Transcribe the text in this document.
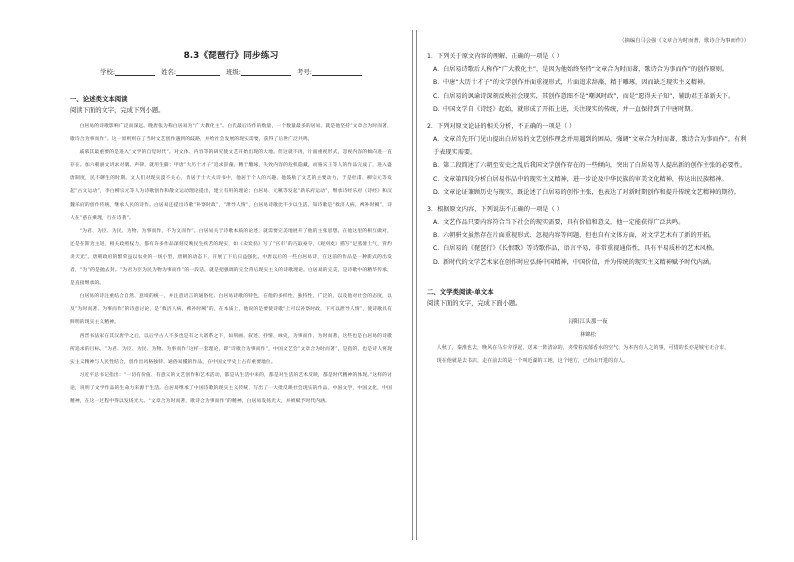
8.3《琵琶行》同步练习
学校:	姓名:	班级:	考号:
一、论述类文本阅读
阅读下面的文字，完成下列小题。

白居易的诗歌影响广泛而深远。晚唐张为称白居易为“广大教化主”。白氏最后诗作的数量，一个数量最多的居易。就是他坚持“文章合为时而著，歌诗合为事而作”。这一原则则在了当时文艺创作遇到的歧路，并给社会发展的现实需要，获得了后世广泛共鸣。

戚慕其最重要的是进入“文学的自觉时代”。对文体、内容等的研究使文艺开始出现的大地。但这就不再，片面重视形式，忽视内容的倾向进一直存在。加六朝骈文讲求对偶、声律，就用生僻；甲唐“大历十才子”追求辞藻，精于雕琢，失致内容的危机隐藏，而骆宾王等人的作品完成了，进入盛唐制度，民不聊生的时期。文人们对现实漠不关心，肯居于士大夫诗书中，他居于个人的兴趣，他鼓励了文艺的主要动力，于是杜甫、柳宗元等发起“古文运动”，李白柳宗元等人为诗歌创作和散文运动理论提出，建立有用的理论；白居易、元稹等发起“新乐府运动”，继承诗经乐府《诗经》和汉魏乐府的创作传统，继承人民的诗作。白居易还提出诗歌“补察时政”，“泄导人情”，白居易诗歌比不少以生活，知诗歌是“救济人病，裨补时阙”，诗人在“惑在乘理，行在诗著”。

“为君、为臣、为民、为物、为事而作，不为文而作”。白居易关于诗歌本质的论述，就需要完美地展开了他的主张思想。在他这里的相互做对，还是在斯为主进，相关政照权力，都有许多作品深刻反映民生疾苦的现实，如《卖炭翁》写了“宫市”的巧取豪夺，《观刈麦》描写“足蒸暑土气，背灼炎天光”。唐朝政府的繁荣虽以农业的一场小型，唐朝的动态下，开展了下后日益强化。中唐以后的一些白居易诗，在这前的作品是一种新式的出发者，“为”的是抛去封。“为君为臣为民为物为事而作”的一段话，就是把强调的完全背后现实主义的诗歌理论。白居易的完美，是诗歌中的精华传承，是直接继承的。

白居易的诗注重结合自然、意境的统一，并注意语言的通俗化。白居易诗歌的特色，在他的多样性、独特性，广泛的，以及他对社会的态度，以及“为时而著、为事而作”的诗意讨论，是“救济人病，裨补时阙”的，在本质上，他说的是要使诗歌“上可以补察时政，下可以泄导人情”，使诗歌具有鲜明的现实主义精神。

西晋书法家在其汉唐学之后，以后学古人不多也是有之大谱系之下，如刻画、叙述、抒情、咏史，为事而作、为时而著，这些也是白居易的诗歌所追求的目标。“为君、为臣、为民、为物、为事而作”这样一套理论，即“诗歌合为事而作”，中国文艺会“文章合为时而著”，是指的，也是诗人将现实主义精神与人民性结合，创作出风格独特、通俗易懂的作品，在中国文学史上占有重要地位。

习近平总书记指出：“一切有价值、有意义的文艺创作和艺术活动，都是从生活中来的，都是对生活的艺术反映，都是时代精神的体现。”这样的讨论，说明了文学作品的生命力来源于生活。白居易继承了中国诗歌的现实主义传统，写出了一大批反映社会现实的作品。中国文学，中国文化，中国精神，在这一过程中得以发扬光大。“文章合为时而著，歌诗合为事而作”的精神，白居易发扬光大，并被赋予时代内涵。

（摘编自马会强《文章合为时而著，歌诗合为事而作》）
1．下列关于原文内容的理解，正确的一项是（ ）
A．白居易诗歌后人称作“广大教化主”，是因为他始终坚持“文章合为时而著，歌诗合为事而作”的创作原则。
B．中唐“大历十才子”的文学创作并面重视形式，片面追求辞藻，精于雕琢，因而缺乏现实主义精神。
C．白居易的讽谕诗深刻反映社会现实，其创作意图不是“嘲讽时政”，而是“愿得天子知”，辅助君王革新天下。
D．中国文学自《诗经》起始，就形成了开拓上进，关注现实的传统，并一直保持到了中唐时期。
2．下列对原文论证的相关分析，不正确的一项是（ ）
A．文章首先开门见山提出白居易的文艺创作理念并用遇到的困局，强调“文章合为时而著，歌诗合为事而作”，有利于表现实需要。
B．第二段简述了六朝至安史之乱后我国文学创作存在的一些倾向，突出了白居易等人提出新的创作主张的必要性。
C．文章第四段分析白居易作品中的现实主义精神，进一步论及中华民族的审美文化精神，传达出民族精神。
D．文章论证兼顾历史与现实，既论述了白居易的创作主张，也表达了对新时期创作和提升传统文艺精神的期待。
3．根据原文内容，下列说法不正确的一项是（ ）
A．文艺作品只要内容符合当下社会的现实需要，具有价值和意义，他一定能获得广泛共鸣。
B．六朝骈文虽然存在片面重视形式、忽视内容等问题，但也自有文体方面，对文学艺术有了新的开拓。
C．白居易的《琵琶行》《长恨歌》等诗歌作品，语言平易，非常重视通俗性，具有平易质朴的艺术风格。
D．新时代的文学艺术家在创作时应弘扬中国精神，中国价值，并为传统的现实主义精神赋予时代内涵。
二、文学类阅读-单文本
阅读下面的文字，完成下面小题。
浔阳江头那一夜
林锦松

人秋了，秦淮也去，晚风在马车旁浮起，送来一阵清凉的，夹带着浓郁香水的空气，为本内有人之的事，可惜的长亦是城宅无合市。

现在他就是去书店，走在前去的是一个叫近湖的工地，这个地方，已经由开进的有人。
